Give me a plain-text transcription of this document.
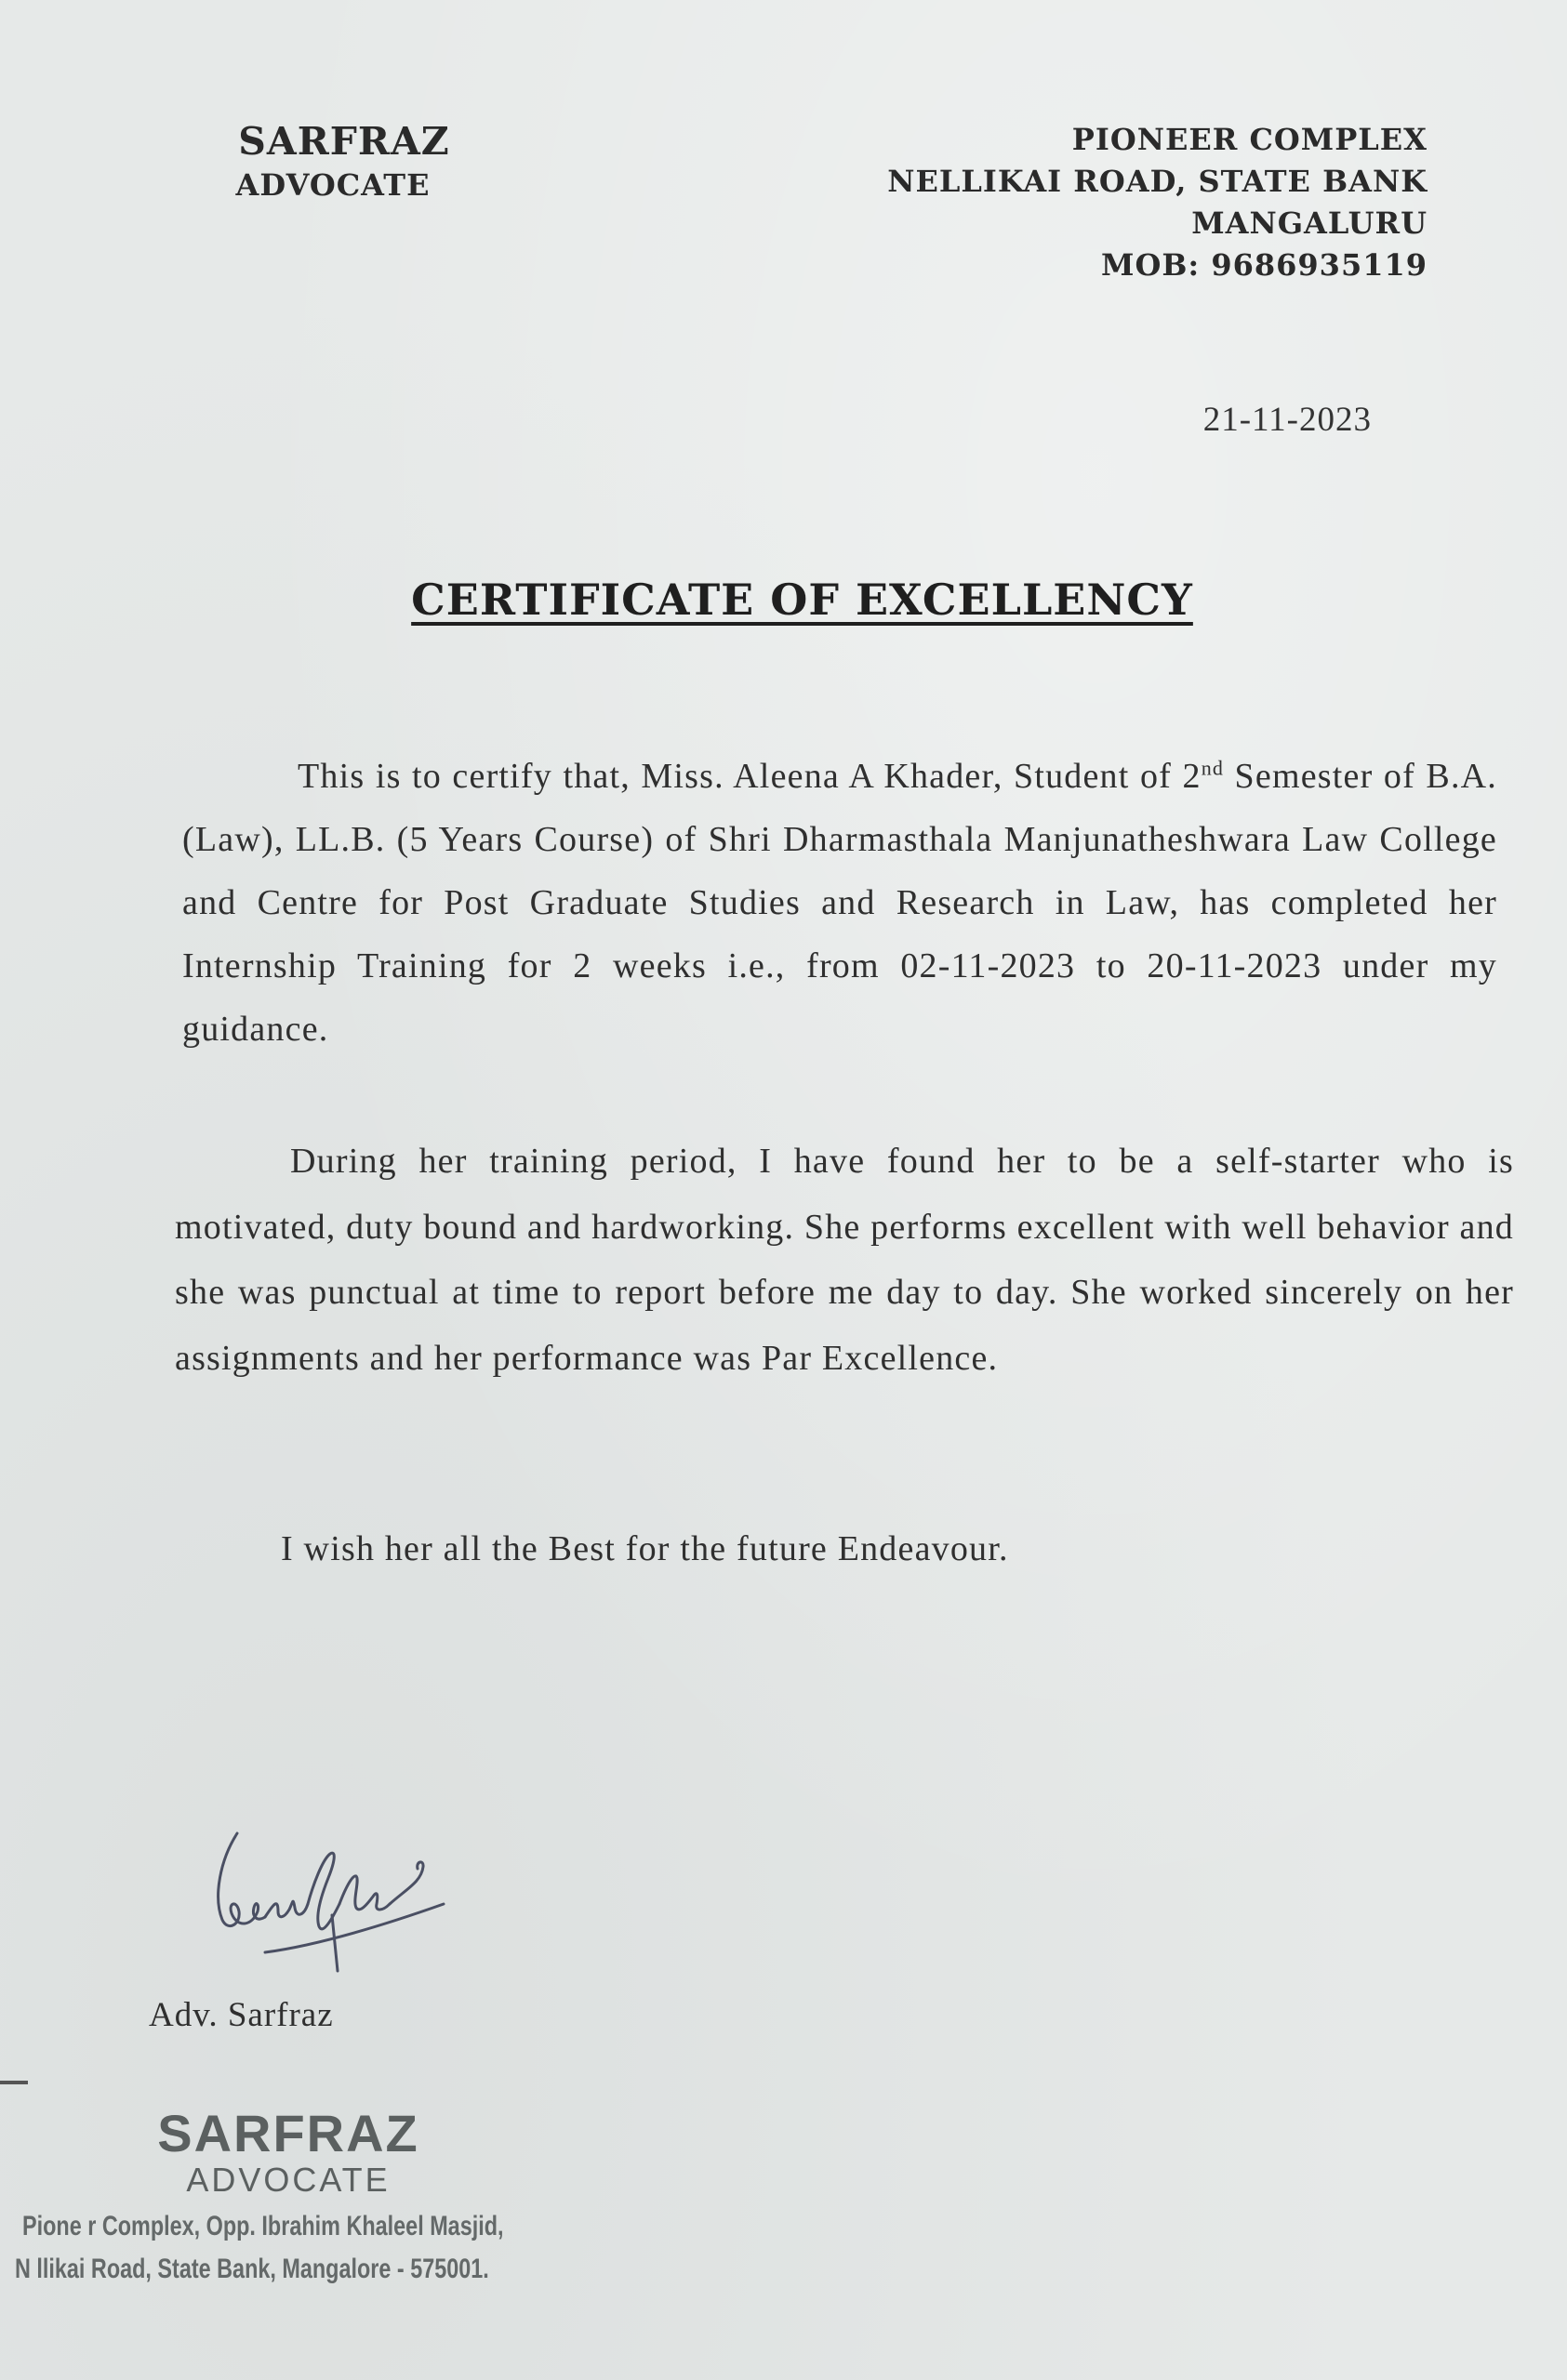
SARFRAZ
ADVOCATE
PIONEER COMPLEX
NELLIKAI ROAD, STATE BANK
MANGALURU
MOB: 9686935119
21-11-2023
CERTIFICATE OF EXCELLENCY
This is to certify that, Miss. Aleena A Khader, Student of 2nd Semester of B.A. (Law), LL.B. (5 Years Course) of Shri Dharmasthala Manjunatheshwara Law College and Centre for Post Graduate Studies and Research in Law, has completed her Internship Training for 2 weeks i.e., from 02-11-2023 to 20-11-2023 under my guidance.
During her training period, I have found her to be a self-starter who is motivated, duty bound and hardworking. She performs excellent with well behavior and she was punctual at time to report before me day to day. She worked sincerely on her assignments and her performance was Par Excellence.
I wish her all the Best for the future Endeavour.
Adv. Sarfraz
SARFRAZ
ADVOCATE
Pione r Complex, Opp. Ibrahim Khaleel Masjid,
N llikai Road, State Bank, Mangalore - 575001.
